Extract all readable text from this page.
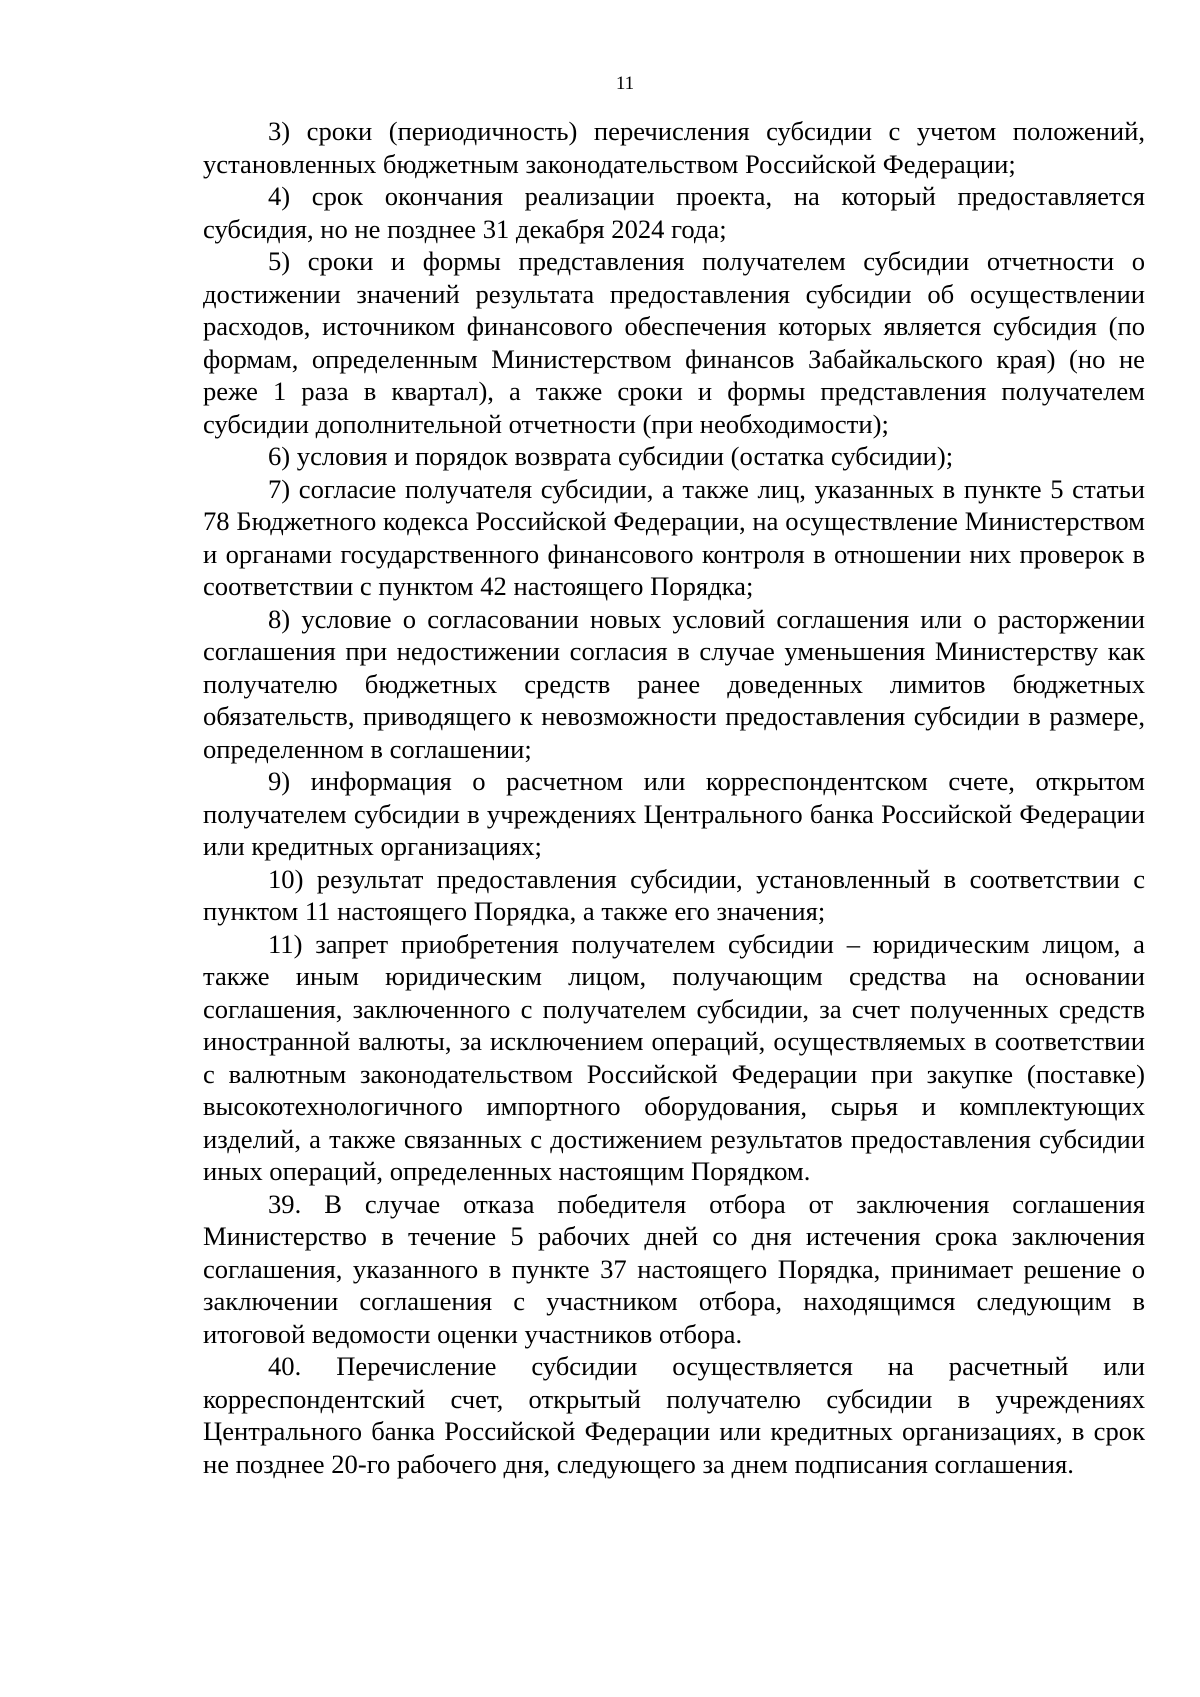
11

3) сроки (периодичность) перечисления субсидии с учетом положений, установленных бюджетным законодательством Российской Федерации;

4) срок окончания реализации проекта, на который предоставляется субсидия, но не позднее 31 декабря 2024 года;

5) сроки и формы представления получателем субсидии отчетности о достижении значений результата предоставления субсидии об осуществлении расходов, источником финансового обеспечения которых является субсидия (по формам, определенным Министерством финансов Забайкальского края) (но не реже 1 раза в квартал), а также сроки и формы представления получателем субсидии дополнительной отчетности (при необходимости);

6) условия и порядок возврата субсидии (остатка субсидии);

7) согласие получателя субсидии, а также лиц, указанных в пункте 5 статьи 78 Бюджетного кодекса Российской Федерации, на осуществление Министерством и органами государственного финансового контроля в отношении них проверок в соответствии с пунктом 42 настоящего Порядка;

8) условие о согласовании новых условий соглашения или о расторжении соглашения при недостижении согласия в случае уменьшения Министерству как получателю бюджетных средств ранее доведенных лимитов бюджетных обязательств, приводящего к невозможности предоставления субсидии в размере, определенном в соглашении;

9) информация о расчетном или корреспондентском счете, открытом получателем субсидии в учреждениях Центрального банка Российской Федерации или кредитных организациях;

10) результат предоставления субсидии, установленный в соответствии с пунктом 11 настоящего Порядка, а также его значения;

11) запрет приобретения получателем субсидии – юридическим лицом, а также иным юридическим лицом, получающим средства на основании соглашения, заключенного с получателем субсидии, за счет полученных средств иностранной валюты, за исключением операций, осуществляемых в соответствии с валютным законодательством Российской Федерации при закупке (поставке) высокотехнологичного импортного оборудования, сырья и комплектующих изделий, а также связанных с достижением результатов предоставления субсидии иных операций, определенных настоящим Порядком.

39. В случае отказа победителя отбора от заключения соглашения Министерство в течение 5 рабочих дней со дня истечения срока заключения соглашения, указанного в пункте 37 настоящего Порядка, принимает решение о заключении соглашения с участником отбора, находящимся следующим в итоговой ведомости оценки участников отбора.

40. Перечисление субсидии осуществляется на расчетный или корреспондентский счет, открытый получателю субсидии в учреждениях Центрального банка Российской Федерации или кредитных организациях, в срок не позднее 20-го рабочего дня, следующего за днем подписания соглашения.
